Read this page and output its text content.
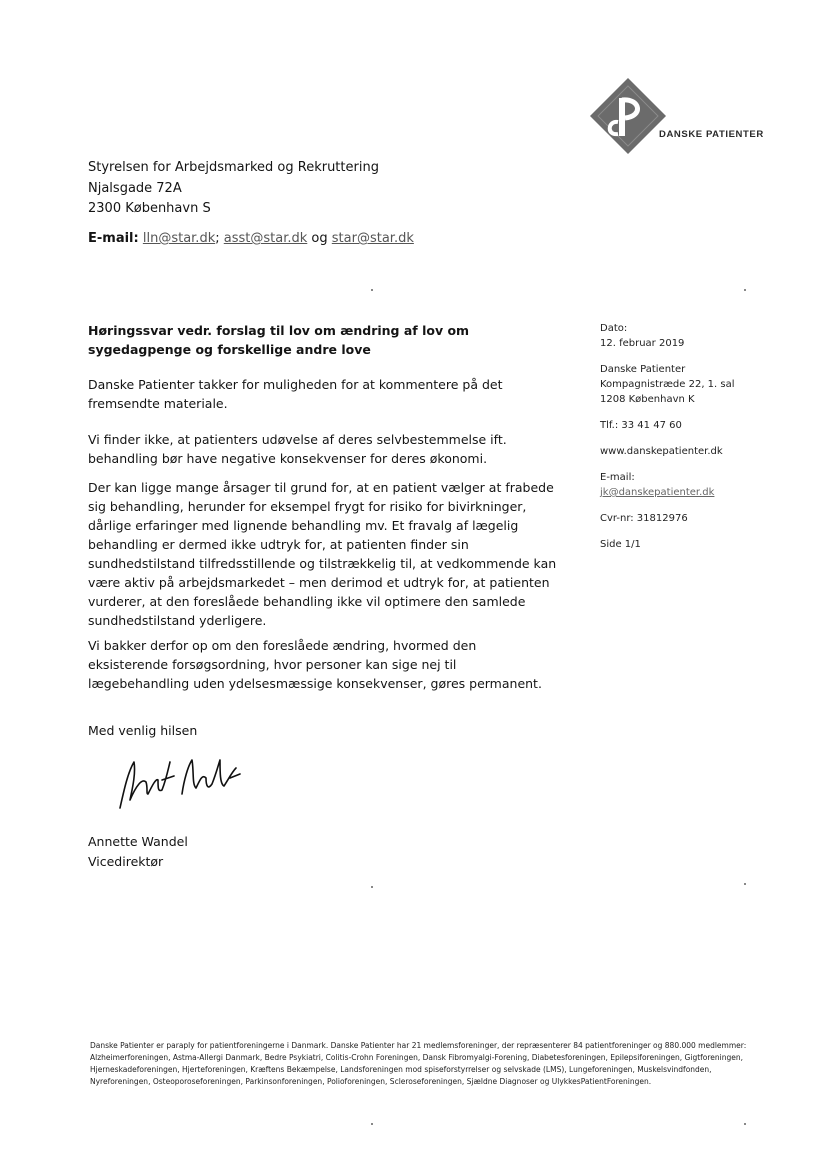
DANSKE PATIENTER
Styrelsen for Arbejdsmarked og Rekruttering
Njalsgade 72A
2300 København S
E-mail: lln@star.dk; asst@star.dk og star@star.dk
Høringssvar vedr. forslag til lov om ændring af lov om sygedagpenge og forskellige andre love
Danske Patienter takker for muligheden for at kommentere på det fremsendte materiale.
Vi finder ikke, at patienters udøvelse af deres selvbestemmelse ift. behandling bør have negative konsekvenser for deres økonomi.
Der kan ligge mange årsager til grund for, at en patient vælger at frabede sig behandling, herunder for eksempel frygt for risiko for bivirkninger, dårlige erfaringer med lignende behandling mv. Et fravalg af lægelig behandling er dermed ikke udtryk for, at patienten finder sin sundhedstilstand tilfredsstillende og tilstrækkelig til, at vedkommende kan være aktiv på arbejdsmarkedet – men derimod et udtryk for, at patienten vurderer, at den foreslåede behandling ikke vil optimere den samlede sundhedstilstand yderligere.
Vi bakker derfor op om den foreslåede ændring, hvormed den eksisterende forsøgsordning, hvor personer kan sige nej til lægebehandling uden ydelsesmæssige konsekvenser, gøres permanent.
Med venlig hilsen
Annette Wandel
Vicedirektør
Dato:
12. februar 2019
Danske Patienter
Kompagnistræde 22, 1. sal
1208 København K
Tlf.: 33 41 47 60
www.danskepatienter.dk
E-mail:
jk@danskepatienter.dk
Cvr-nr: 31812976
Side 1/1
Danske Patienter er paraply for patientforeningerne i Danmark. Danske Patienter har 21 medlemsforeninger, der repræsenterer 84 patientforeninger og 880.000 medlemmer: Alzheimerforeningen, Astma-Allergi Danmark, Bedre Psykiatri, Colitis-Crohn Foreningen, Dansk Fibromyalgi-Forening, Diabetesforeningen, Epilepsiforeningen, Gigtforeningen, Hjerneskadeforeningen, Hjerteforeningen, Kræftens Bekæmpelse, Landsforeningen mod spiseforstyrrelser og selvskade (LMS), Lungeforeningen, Muskelsvindfonden, Nyreforeningen, Osteoporoseforeningen, Parkinsonforeningen, Polioforeningen, Scleroseforeningen, Sjældne Diagnoser og UlykkesPatientForeningen.
